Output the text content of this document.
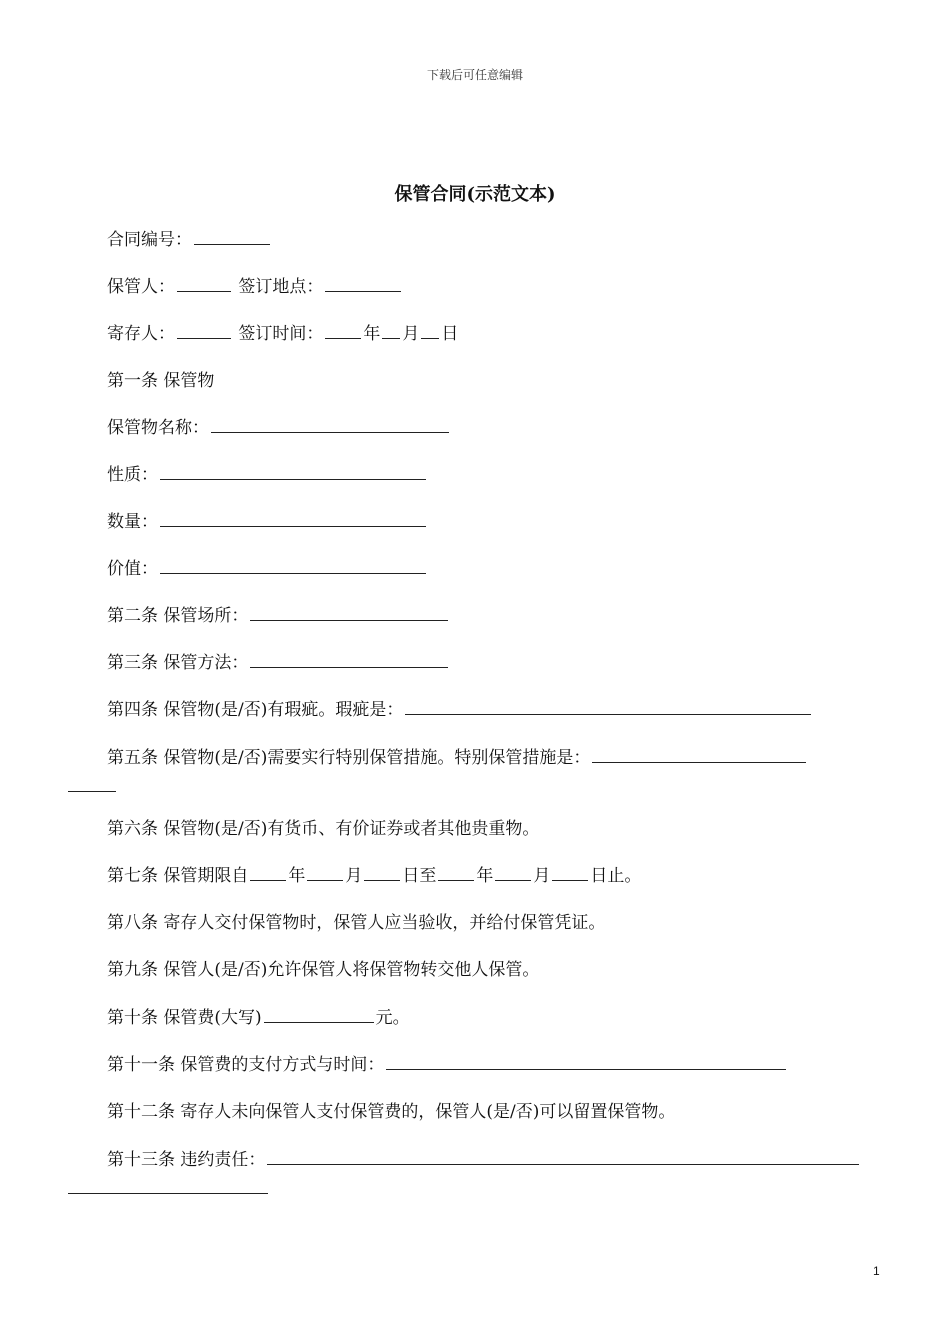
下载后可任意编辑
保管合同(示范文本)
合同编号：
保管人：	签订地点：
寄存人：	签订时间： 年 月 日
第一条 保管物
保管物名称：
性质：
数量：
价值：
第二条 保管场所：
第三条 保管方法：
第四条 保管物(是/否)有瑕疵。瑕疵是：
第五条 保管物(是/否)需要实行特别保管措施。特别保管措施是：
第六条 保管物(是/否)有货币、有价证券或者其他贵重物。
第七条 保管期限自 年 月 日至 年 月 日止。
第八条 寄存人交付保管物时，保管人应当验收，并给付保管凭证。
第九条 保管人(是/否)允许保管人将保管物转交他人保管。
第十条 保管费(大写)	元。
第十一条 保管费的支付方式与时间：
第十二条 寄存人未向保管人支付保管费的，保管人(是/否)可以留置保管物。
第十三条 违约责任：
1
